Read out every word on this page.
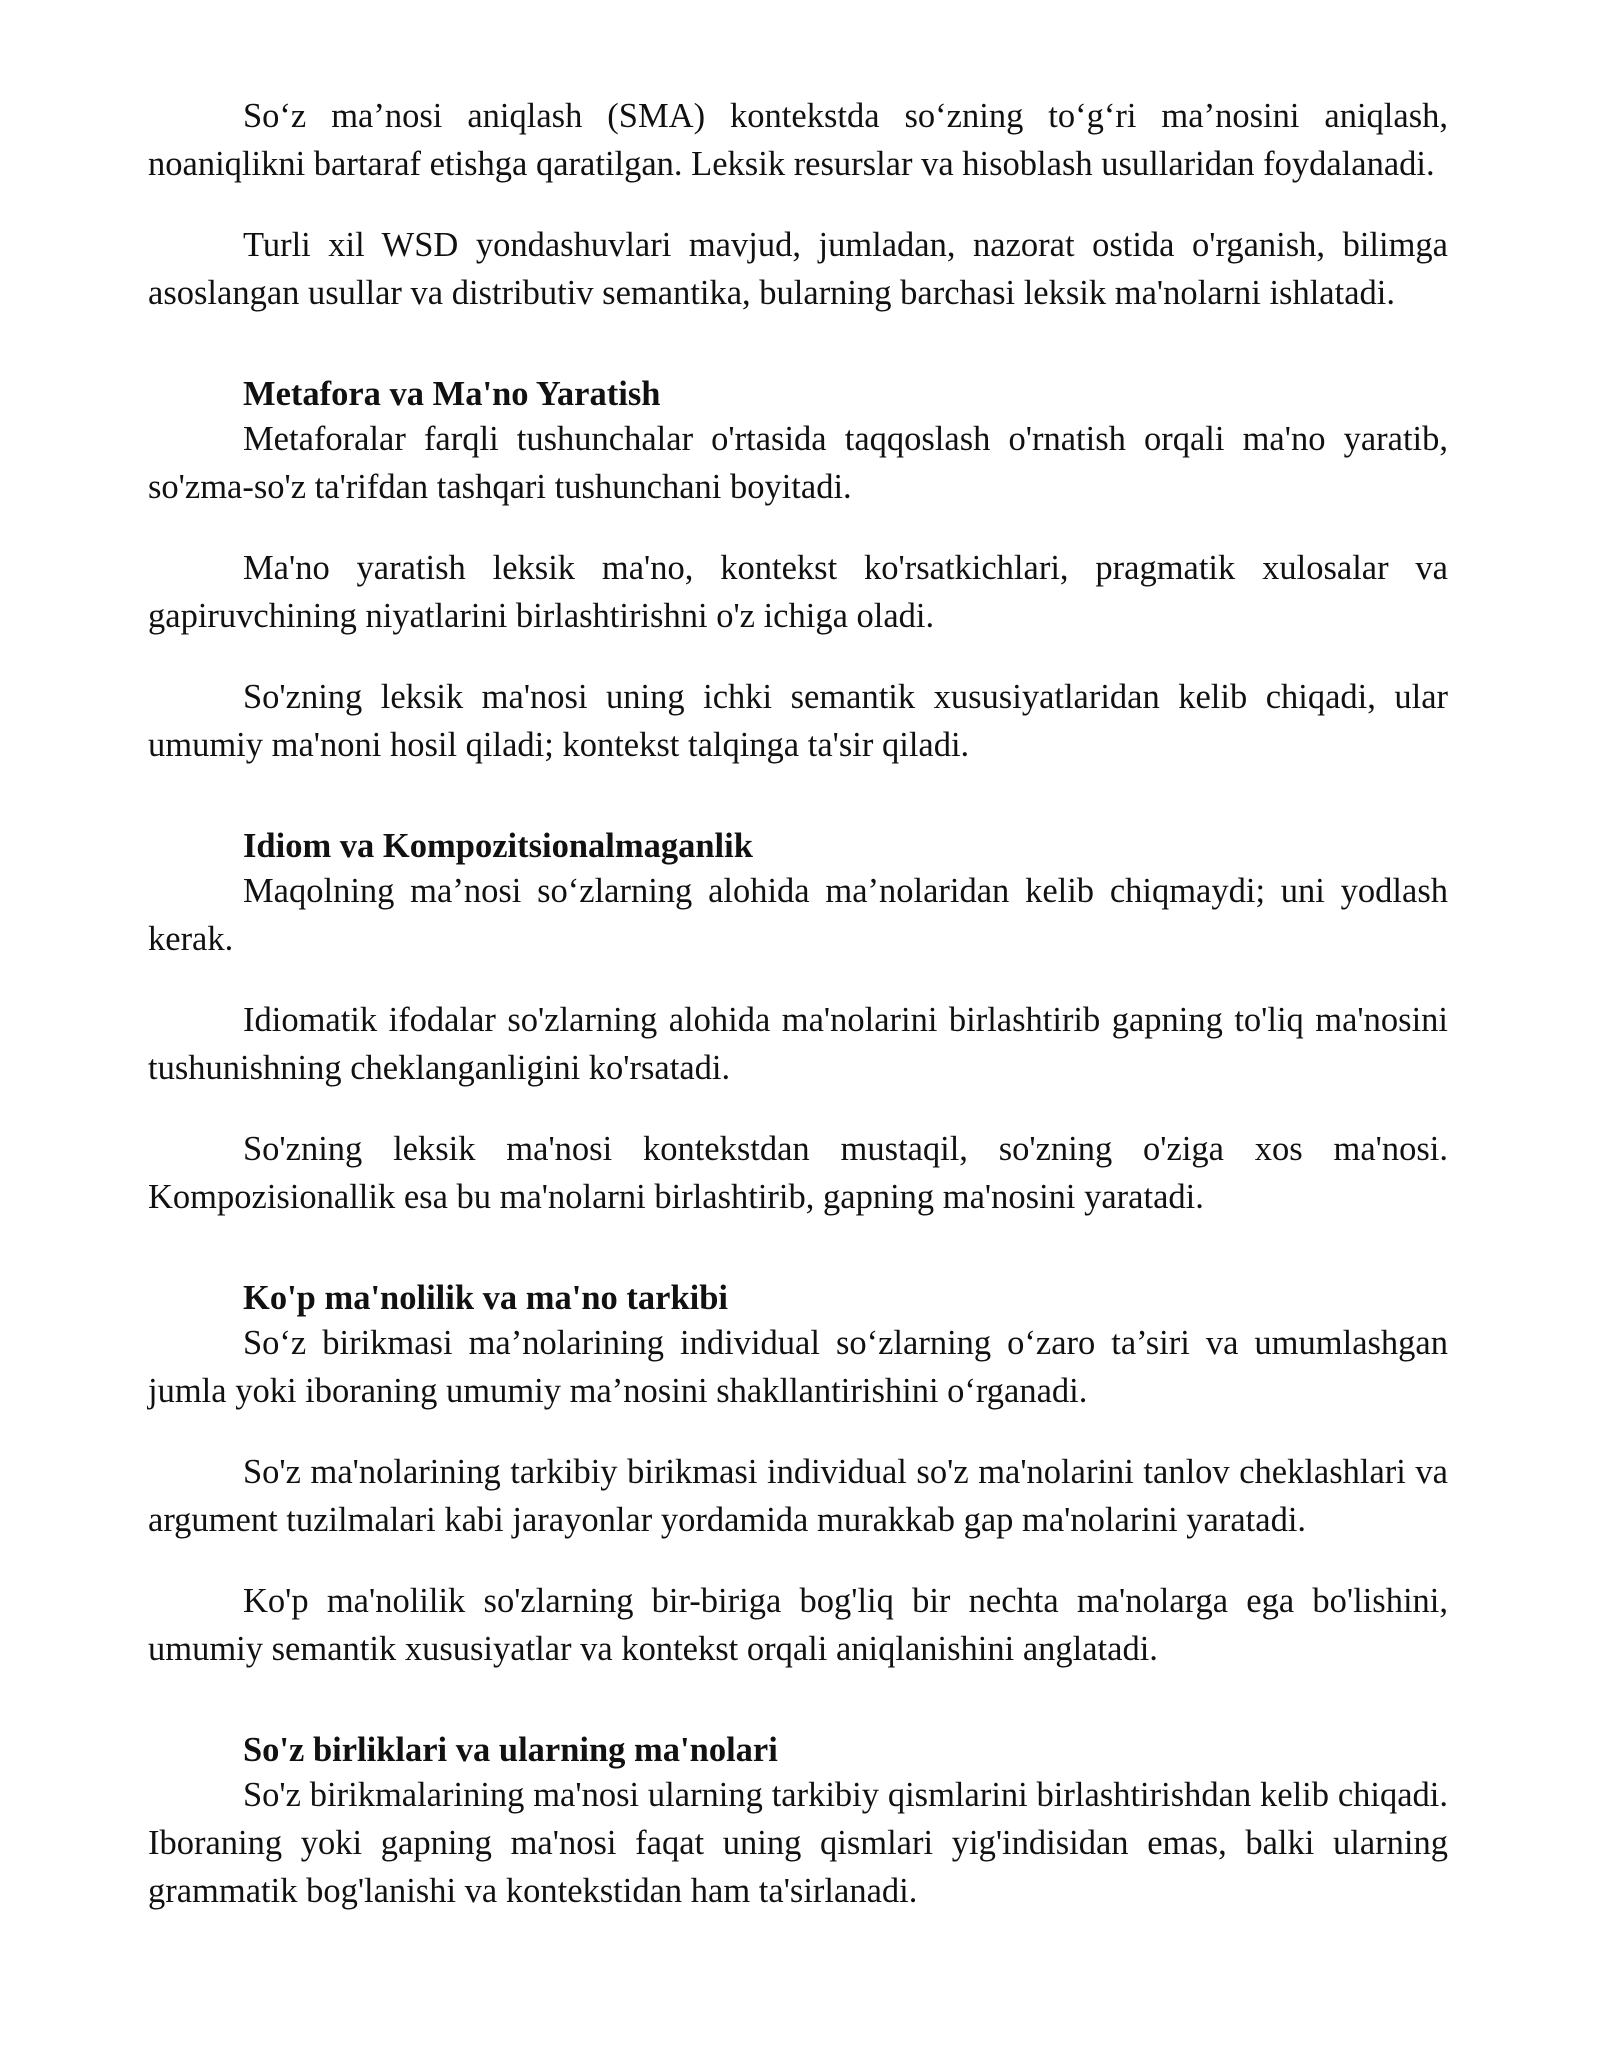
So‘z ma’nosi aniqlash (SMA) kontekstda so‘zning to‘g‘ri ma’nosini aniqlash, noaniqlikni bartaraf etishga qaratilgan. Leksik resurslar va hisoblash usullaridan foydalanadi.

Turli xil WSD yondashuvlari mavjud, jumladan, nazorat ostida o'rganish, bilimga asoslangan usullar va distributiv semantika, bularning barchasi leksik ma'nolarni ishlatadi.

Metafora va Ma'no Yaratish

Metaforalar farqli tushunchalar o'rtasida taqqoslash o'rnatish orqali ma'no yaratib, so'zma-so'z ta'rifdan tashqari tushunchani boyitadi.

Ma'no yaratish leksik ma'no, kontekst ko'rsatkichlari, pragmatik xulosalar va gapiruvchining niyatlarini birlashtirishni o'z ichiga oladi.

So'zning leksik ma'nosi uning ichki semantik xususiyatlaridan kelib chiqadi, ular umumiy ma'noni hosil qiladi; kontekst talqinga ta'sir qiladi.

Idiom va Kompozitsionalmaganlik

Maqolning ma’nosi so‘zlarning alohida ma’nolaridan kelib chiqmaydi; uni yodlash kerak.

Idiomatik ifodalar so'zlarning alohida ma'nolarini birlashtirib gapning to'liq ma'nosini tushunishning cheklanganligini ko'rsatadi.

So'zning leksik ma'nosi kontekstdan mustaqil, so'zning o'ziga xos ma'nosi. Kompozisionallik esa bu ma'nolarni birlashtirib, gapning ma'nosini yaratadi.

Ko'p ma'nolilik va ma'no tarkibi

So‘z birikmasi ma’nolarining individual so‘zlarning o‘zaro ta’siri va umumlashgan jumla yoki iboraning umumiy ma’nosini shakllantirishini o‘rganadi.

So'z ma'nolarining tarkibiy birikmasi individual so'z ma'nolarini tanlov cheklashlari va argument tuzilmalari kabi jarayonlar yordamida murakkab gap ma'nolarini yaratadi.

Ko'p ma'nolilik so'zlarning bir-biriga bog'liq bir nechta ma'nolarga ega bo'lishini, umumiy semantik xususiyatlar va kontekst orqali aniqlanishini anglatadi.

So'z birliklari va ularning ma'nolari

So'z birikmalarining ma'nosi ularning tarkibiy qismlarini birlashtirishdan kelib chiqadi. Iboraning yoki gapning ma'nosi faqat uning qismlari yig'indisidan emas, balki ularning grammatik bog'lanishi va kontekstidan ham ta'sirlanadi.
